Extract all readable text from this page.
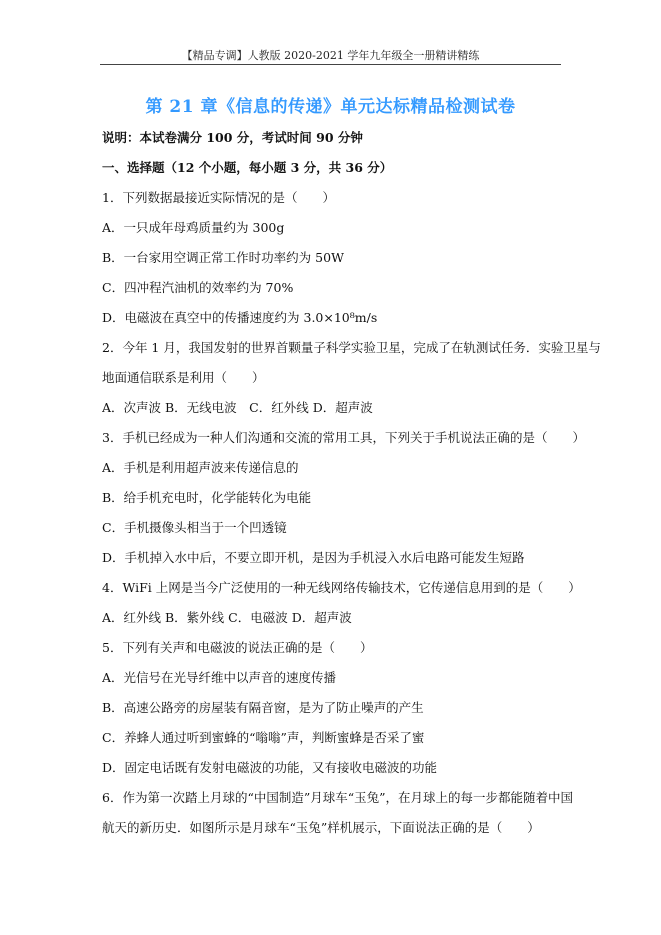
【精品专调】人教版 2020-2021 学年九年级全一册精讲精练
第 21 章《信息的传递》单元达标精品检测试卷
说明：本试卷满分 100 分，考试时间 90 分钟
一、选择题（12 个小题，每小题 3 分，共 36 分）
1．下列数据最接近实际情况的是（　　）
A．一只成年母鸡质量约为 300g
B．一台家用空调正常工作时功率约为 50W
C．四冲程汽油机的效率约为 70%
D．电磁波在真空中的传播速度约为 3.0×10⁸m/s
2．今年 1 月，我国发射的世界首颗量子科学实验卫星，完成了在轨测试任务．实验卫星与
地面通信联系是利用（　　）
A．次声波 B．无线电波　C．红外线 D．超声波
3．手机已经成为一种人们沟通和交流的常用工具，下列关于手机说法正确的是（　　）
A．手机是利用超声波来传递信息的
B．给手机充电时，化学能转化为电能
C．手机摄像头相当于一个凹透镜
D．手机掉入水中后，不要立即开机，是因为手机浸入水后电路可能发生短路
4．WiFi 上网是当今广泛使用的一种无线网络传输技术，它传递信息用到的是（　　）
A．红外线 B．紫外线 C．电磁波 D．超声波
5．下列有关声和电磁波的说法正确的是（　　）
A．光信号在光导纤维中以声音的速度传播
B．高速公路旁的房屋装有隔音窗，是为了防止噪声的产生
C．养蜂人通过听到蜜蜂的“嗡嗡”声，判断蜜蜂是否采了蜜
D．固定电话既有发射电磁波的功能，又有接收电磁波的功能
6．作为第一次踏上月球的“中国制造”月球车“玉兔”，在月球上的每一步都能随着中国
航天的新历史．如图所示是月球车“玉兔”样机展示，下面说法正确的是（　　）
